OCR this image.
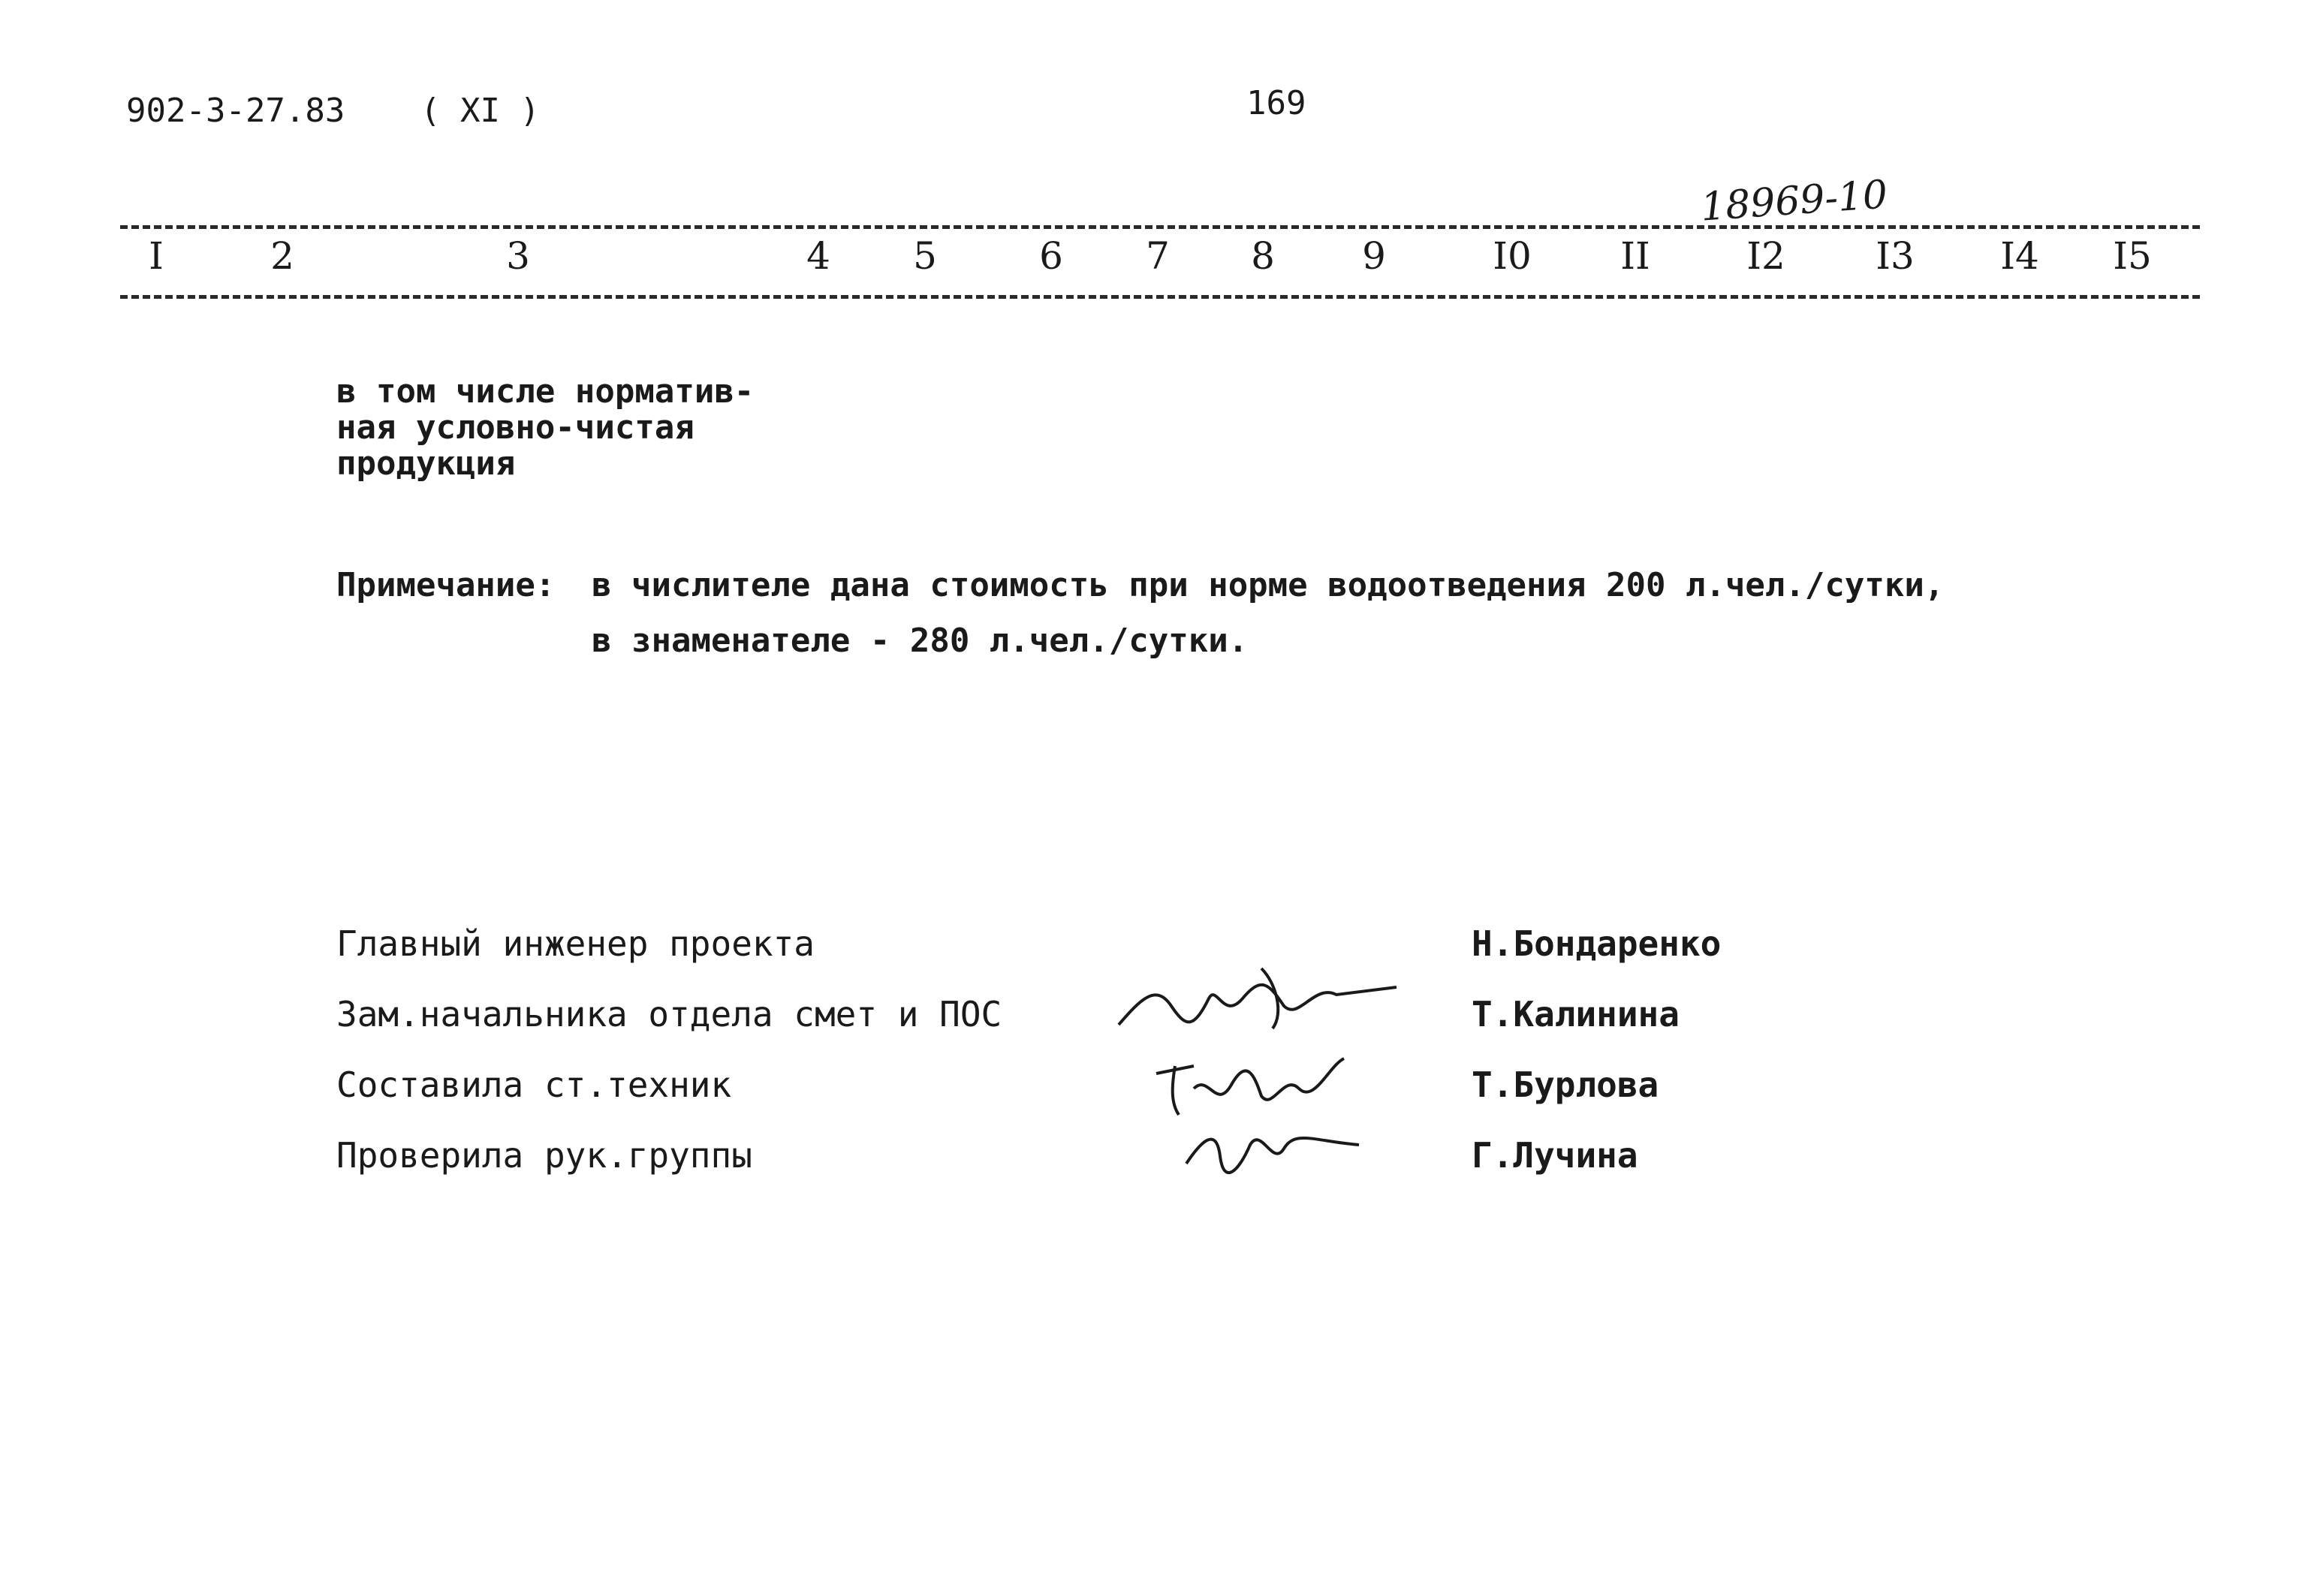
902-3-27.83 ( XI )	169
18969-10
I	2	3	4 5	6 7 8 9	I0 II	I2 I3 I4 I5
в том числе норматив-
ная условно-чистая
продукция
Примечание: в числителе дана стоимость при норме водоотведения 200 л.чел./сутки,
в знаменателе - 280 л.чел./сутки.
Главный инженер проекта	Н.Бондаренко
Зам.начальника отдела смет и ПОС	Т.Калинина
Составила ст.техник	Т.Бурлова
Проверила рук.группы	Г.Лучина
